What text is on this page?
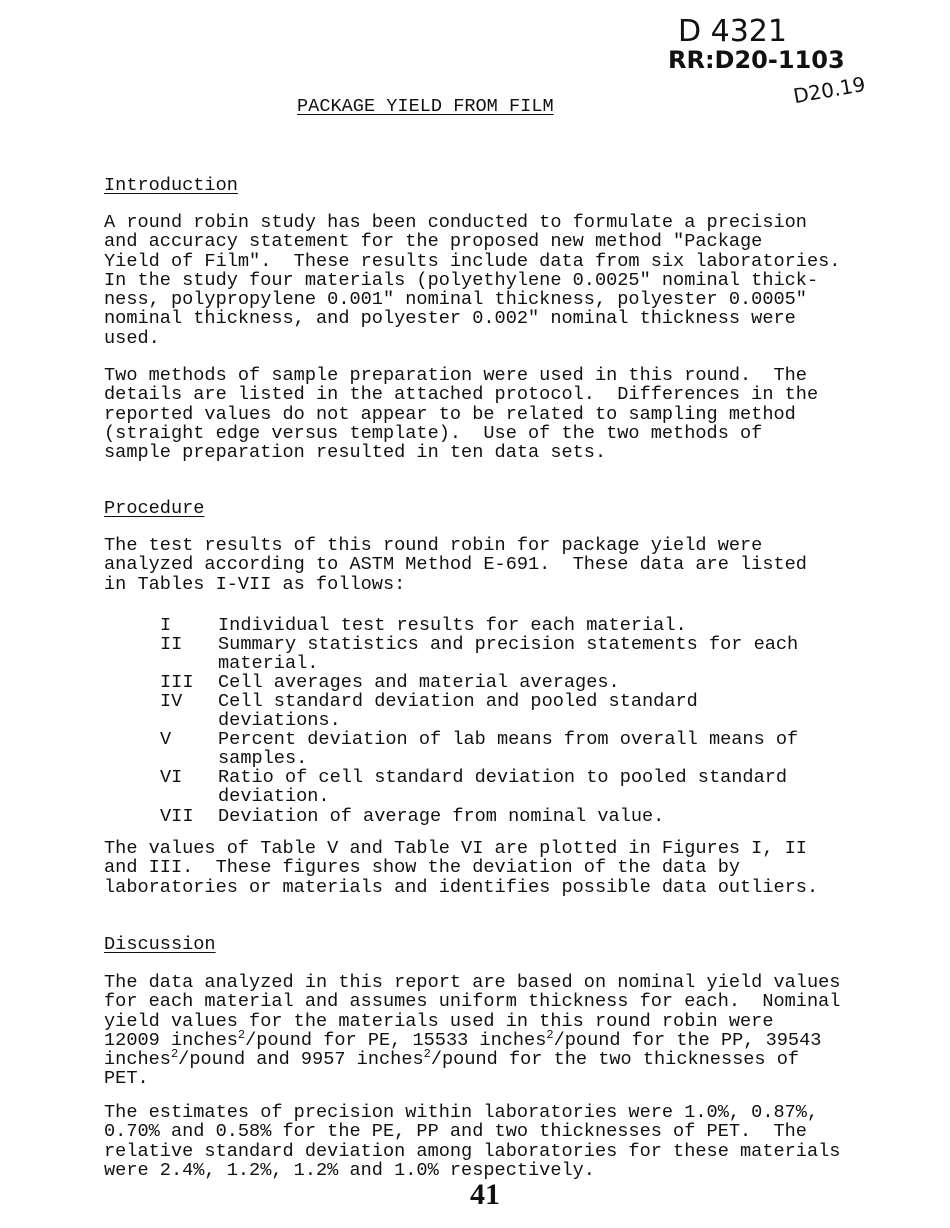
D 4321
RR:D20-1103
D20.19
PACKAGE YIELD FROM FILM
Introduction
A round robin study has been conducted to formulate a precision
and accuracy statement for the proposed new method "Package
Yield of Film".  These results include data from six laboratories.
In the study four materials (polyethylene 0.0025" nominal thick-
ness, polypropylene 0.001" nominal thickness, polyester 0.0005"
nominal thickness, and polyester 0.002" nominal thickness were
used.
Two methods of sample preparation were used in this round.  The
details are listed in the attached protocol.  Differences in the
reported values do not appear to be related to sampling method
(straight edge versus template).  Use of the two methods of
sample preparation resulted in ten data sets.
Procedure
The test results of this round robin for package yield were
analyzed according to ASTM Method E-691.  These data are listed
in Tables I-VII as follows:
I	Individual test results for each material.
II Summary statistics and precision statements for each
material.
III Cell averages and material averages.
IV Cell standard deviation and pooled standard
deviations.
V	Percent deviation of lab means from overall means of
samples.
VI Ratio of cell standard deviation to pooled standard
deviation.
VII Deviation of average from nominal value.
The values of Table V and Table VI are plotted in Figures I, II
and III.  These figures show the deviation of the data by
laboratories or materials and identifies possible data outliers.
Discussion
The data analyzed in this report are based on nominal yield values
for each material and assumes uniform thickness for each.  Nominal
yield values for the materials used in this round robin were
12009 inches$^2$/pound for PE, 15533 inches$^2$/pound for the PP, 39543
inches$^2$/pound and 9957 inches$^2$/pound for the two thicknesses of
PET.
The estimates of precision within laboratories were 1.0%, 0.87%,
0.70% and 0.58% for the PE, PP and two thicknesses of PET.  The
relative standard deviation among laboratories for these materials
were 2.4%, 1.2%, 1.2% and 1.0% respectively.
41
